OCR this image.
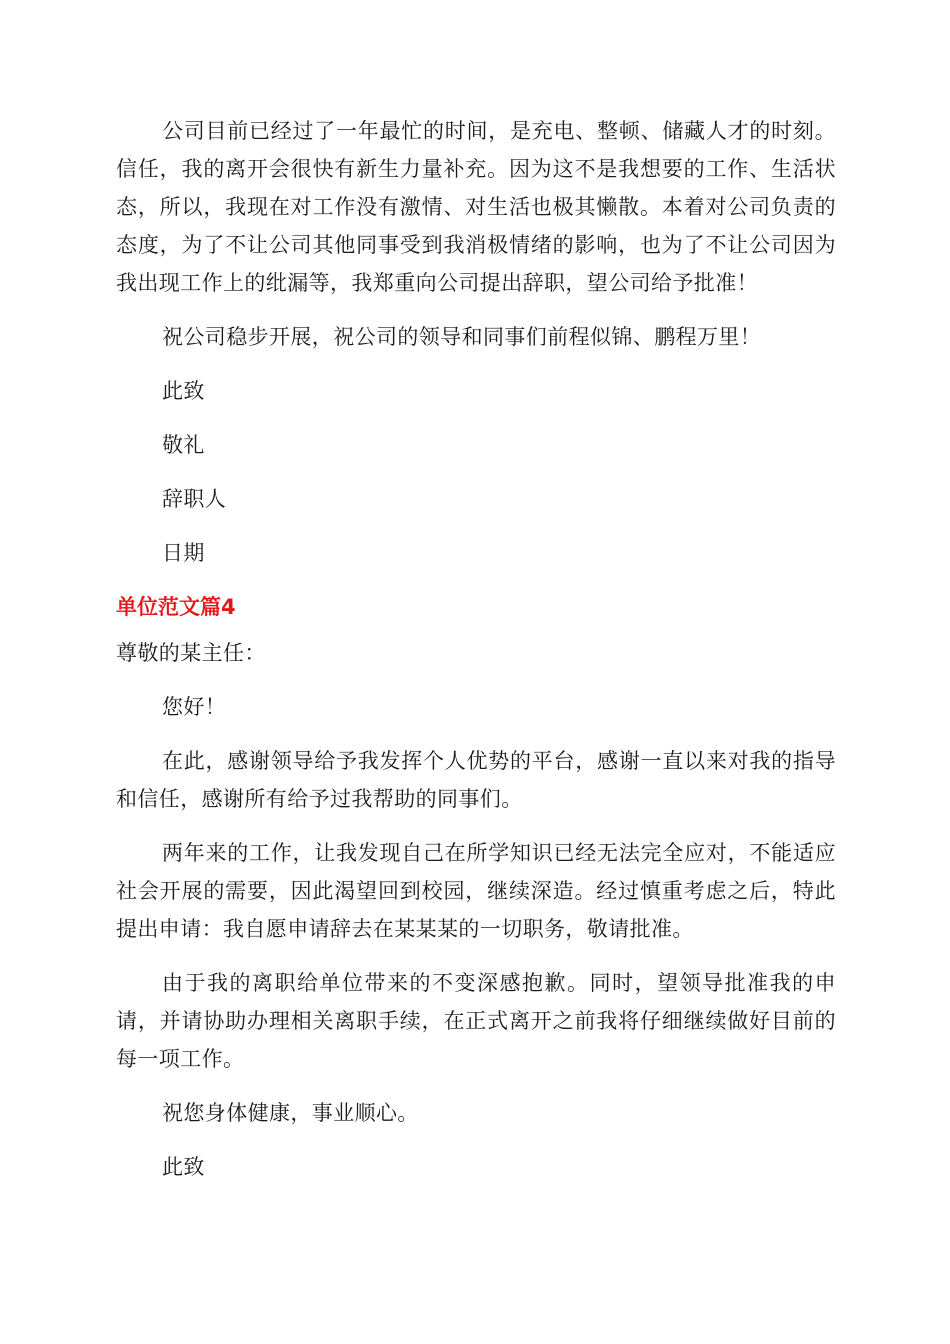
公司目前已经过了一年最忙的时间，是充电、整顿、储藏人才的时刻。信任，我的离开会很快有新生力量补充。因为这不是我想要的工作、生活状态，所以，我现在对工作没有激情、对生活也极其懒散。本着对公司负责的态度，为了不让公司其他同事受到我消极情绪的影响，也为了不让公司因为我出现工作上的纰漏等，我郑重向公司提出辞职，望公司给予批准！

祝公司稳步开展，祝公司的领导和同事们前程似锦、鹏程万里！

此致

敬礼

辞职人

日期

单位范文篇4

尊敬的某主任：

您好！

在此，感谢领导给予我发挥个人优势的平台，感谢一直以来对我的指导和信任，感谢所有给予过我帮助的同事们。

两年来的工作，让我发现自己在所学知识已经无法完全应对，不能适应社会开展的需要，因此渴望回到校园，继续深造。经过慎重考虑之后，特此提出申请：我自愿申请辞去在某某某的一切职务，敬请批准。

由于我的离职给单位带来的不变深感抱歉。同时，望领导批准我的申请，并请协助办理相关离职手续，在正式离开之前我将仔细继续做好目前的每一项工作。

祝您身体健康，事业顺心。

此致
